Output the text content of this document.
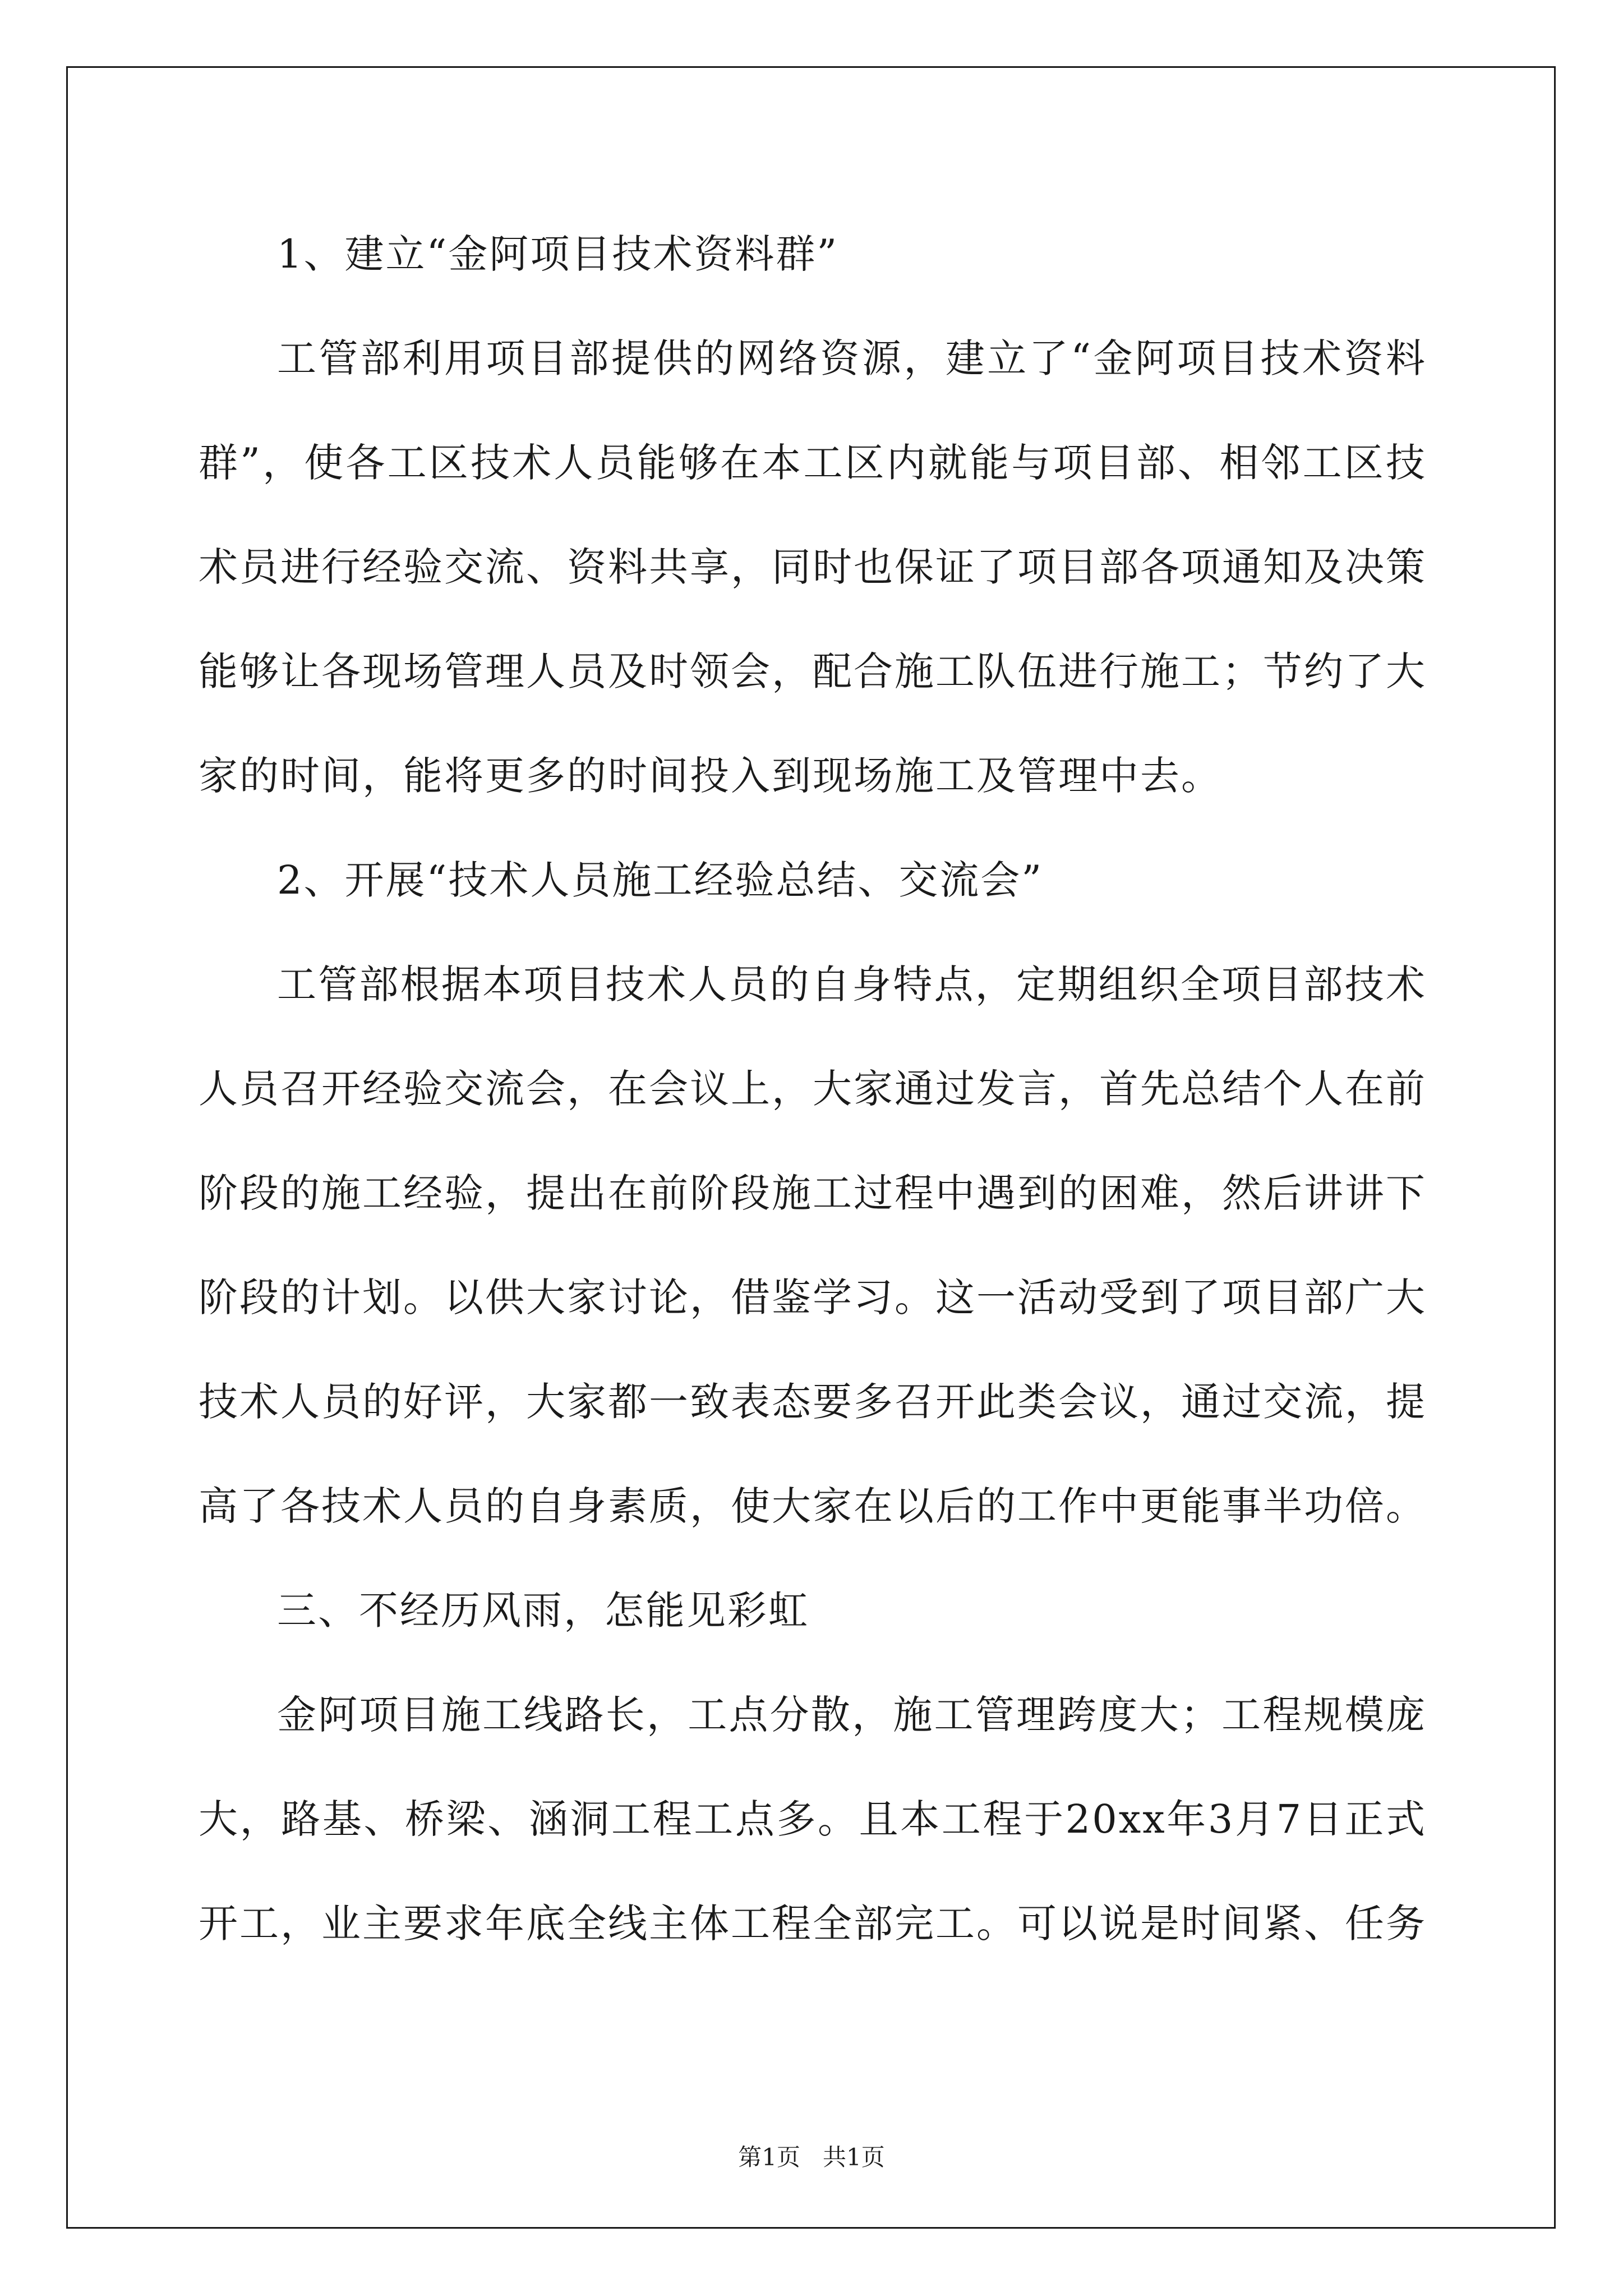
1、建立“金阿项目技术资料群”

工管部利用项目部提供的网络资源，建立了“金阿项目技术资料群”，使各工区技术人员能够在本工区内就能与项目部、相邻工区技术员进行经验交流、资料共享，同时也保证了项目部各项通知及决策能够让各现场管理人员及时领会，配合施工队伍进行施工；节约了大家的时间，能将更多的时间投入到现场施工及管理中去。

2、开展“技术人员施工经验总结、交流会”

工管部根据本项目技术人员的自身特点，定期组织全项目部技术人员召开经验交流会，在会议上，大家通过发言，首先总结个人在前阶段的施工经验，提出在前阶段施工过程中遇到的困难，然后讲讲下阶段的计划。以供大家讨论，借鉴学习。这一活动受到了项目部广大技术人员的好评，大家都一致表态要多召开此类会议，通过交流，提高了各技术人员的自身素质，使大家在以后的工作中更能事半功倍。

三、不经历风雨，怎能见彩虹

金阿项目施工线路长，工点分散，施工管理跨度大；工程规模庞大，路基、桥梁、涵洞工程工点多。且本工程于20xx年3月7日正式开工，业主要求年底全线主体工程全部完工。可以说是时间紧、任务

第1页 共1页
